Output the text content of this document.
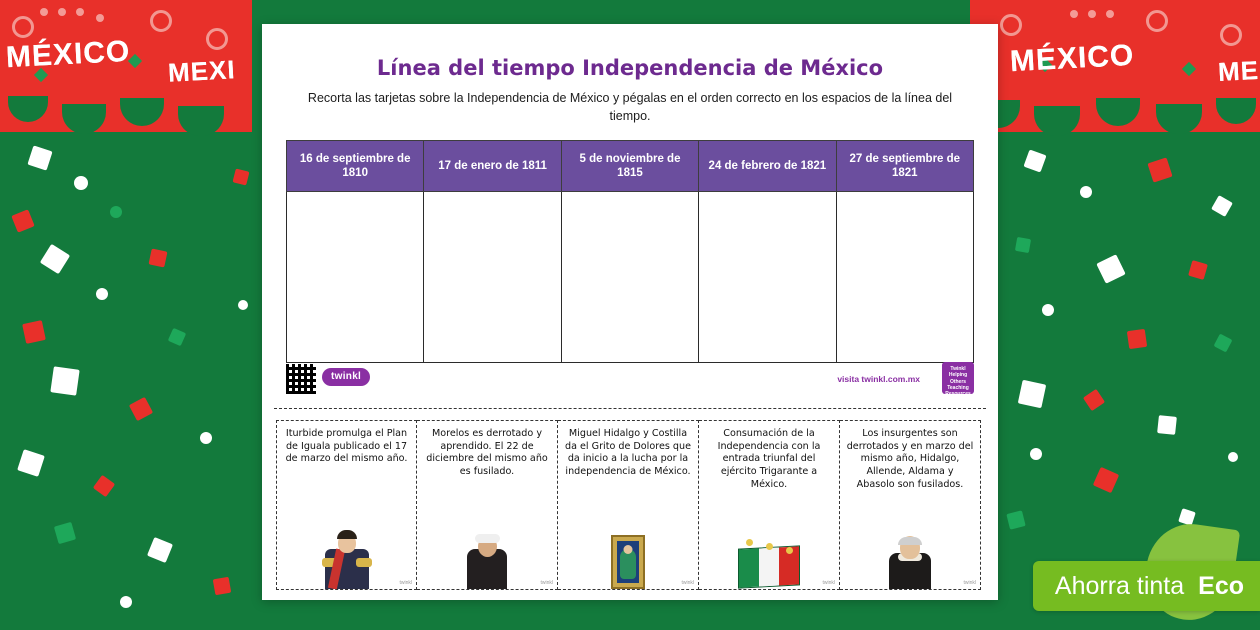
MÉXICO MEXI	MÉXICO	ME
Línea del tiempo Independencia de México
Recorta las tarjetas sobre la Independencia de México y pégalas en el orden correcto en los espacios de la línea del tiempo.
16 de septiembre de 1810	17 de enero de 1811	5 de noviembre de 1815	24 de febrero de 1821	27 de septiembre de 1821

twinkl	visita twinkl.com.mx
Twinkl Helping Others Teaching Resources
Iturbide promulga el Plan de Iguala publicado el 17 de marzo del mismo año.
twinkl
Morelos es derrotado y aprendido. El 22 de diciembre del mismo año es fusilado.
twinkl
Miguel Hidalgo y Costilla da el Grito de Dolores que da inicio a la lucha por la independencia de México.
twinkl
Consumación de la Independencia con la entrada triunfal del ejército Trigarante a México.
twinkl
Los insurgentes son derrotados y en marzo del mismo año, Hidalgo, Allende, Aldama y Abasolo son fusilados.
twinkl	Ahorra tinta Eco
